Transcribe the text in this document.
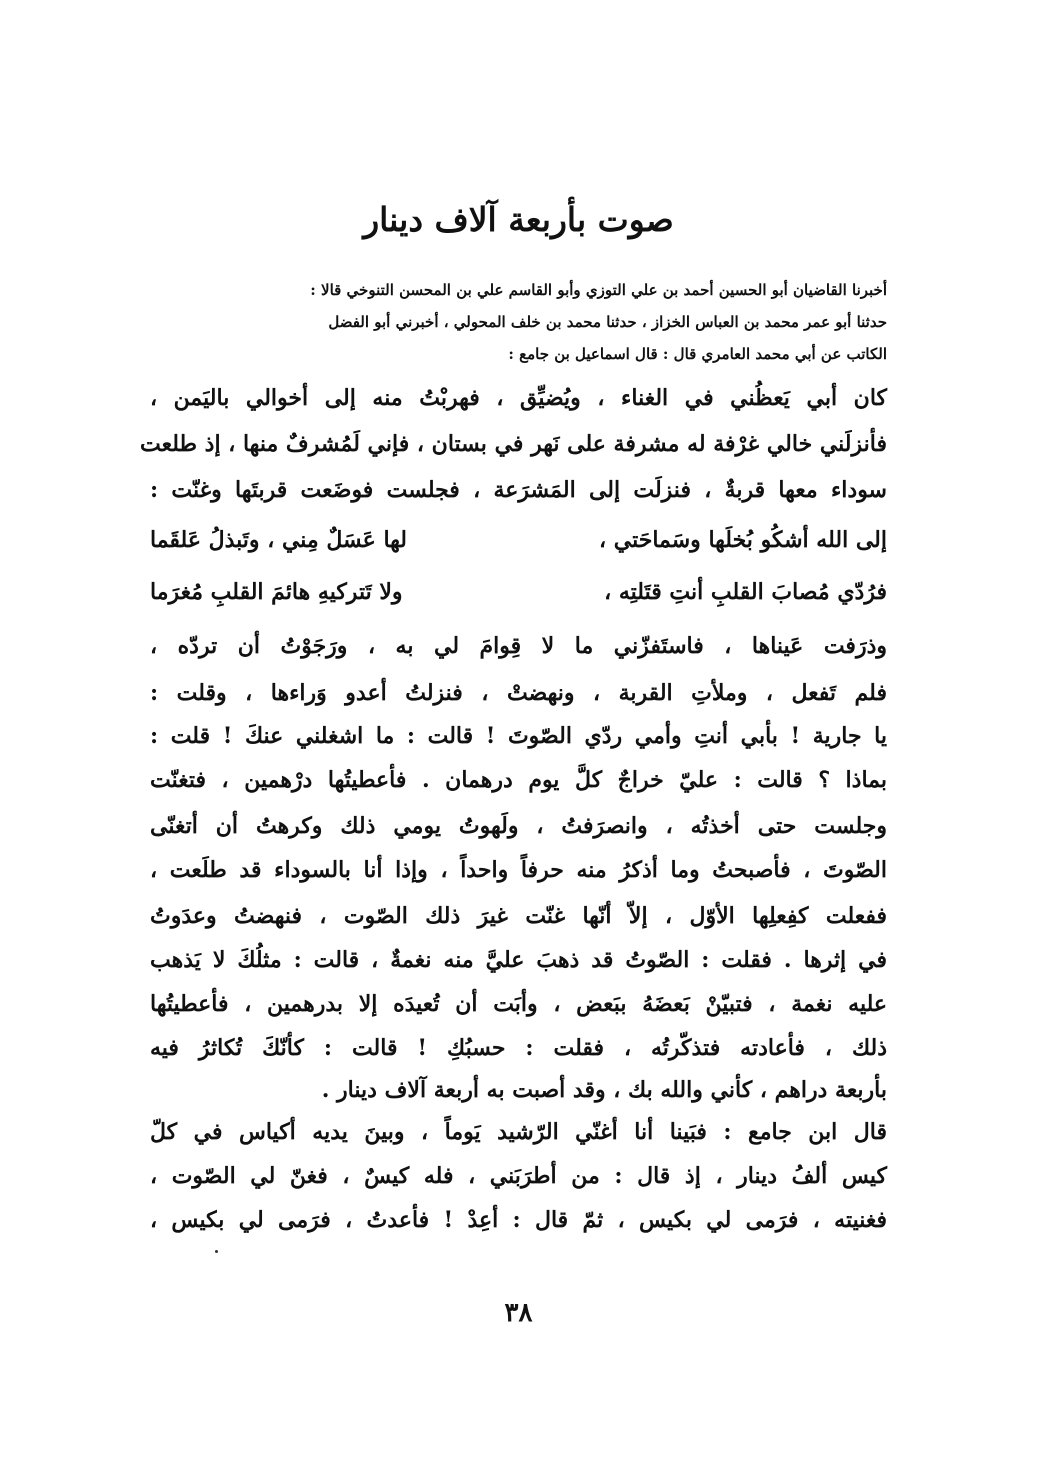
صوت بأربعة آلاف دينار
أخبرنا القاضيان أبو الحسين أحمد بن علي التوزي وأبو القاسم علي بن المحسن التنوخي قالا :
حدثنا أبو عمر محمد بن العباس الخزاز ، حدثنا محمد بن خلف المحولي ، أخبرني أبو الفضل
الكاتب عن أبي محمد العامري قال : قال اسماعيل بن جامع :
كان أبي يَعظُني في الغناء ، ويُضيِّق ، فهربْتُ منه إلى أخوالي باليَمن ،
فأنزلَني خالي غرْفة له مشرفة على نَهر في بستان ، فإني لَمُشرفٌ منها ، إذ طلعت
سوداء معها قربةٌ ، فنزلَت إلى المَشرَعة ، فجلست فوضَعت قربتَها وغنّت :
إلى الله أشكُو بُخلَها وسَماحَتي ،
لها عَسَلٌ مِني ، وتَبذلُ عَلقَما
فرُدّي مُصابَ القلبِ أنتِ قتَلتِه ،
ولا تَتركيهِ هائمَ القلبِ مُغرَما
وذرَفت عَيناها ، فاستَفزّني ما لا قِوامَ لي به ، ورَجَوْتُ أن تردّه ،
فلم تَفعل ، وملأتِ القربة ، ونهضتْ ، فنزلتُ أعدو وَراءها ، وقلت :
يا جارية ! بأبي أنتِ وأمي ردّي الصّوتَ ! قالت : ما اشغلني عنكَ ! قلت :
بماذا ؟ قالت : عليّ خراجٌ كلَّ يوم درهمان . فأعطيتُها درْهمين ، فتغنّت
وجلست حتى أخذتُه ، وانصرَفتُ ، ولَهوتُ يومي ذلك وكرهتُ أن أتغنّى
الصّوتَ ، فأصبحتُ وما أذكرُ منه حرفاً واحداً ، وإذا أنا بالسوداء قد طلَعت ،
ففعلت كفِعلِها الأوّل ، إلاّ أنّها غنّت غيرَ ذلك الصّوت ، فنهضتُ وعدَوتُ
في إثرها . فقلت : الصّوتُ قد ذهبَ عليَّ منه نغمةٌ ، قالت : مثلُكَ لا يَذهب
عليه نغمة ، فتبيّنْ بَعضَهُ ببَعض ، وأبَت أن تُعيدَه إلا بدرهمين ، فأعطيتُها
ذلك ، فأعادته فتذكّرتُه ، فقلت : حسبُكِ ! قالت : كأنّكَ تُكاثرُ فيه
بأربعة دراهم ، كأني والله بك ، وقد أصبت به أربعة آلاف دينار .
قال ابن جامع : فبَينا أنا أغنّي الرّشيد يَوماً ، وبينَ يديه أكياس في كلّ
كيس ألفُ دينار ، إذ قال : من أطرَبَني ، فله كيسٌ ، فغنّ لي الصّوت ،
فغنيته ، فرَمى لي بكيس ، ثمّ قال : أعِدْ ! فأعدتُ ، فرَمى لي بكيس ،
٣٨
